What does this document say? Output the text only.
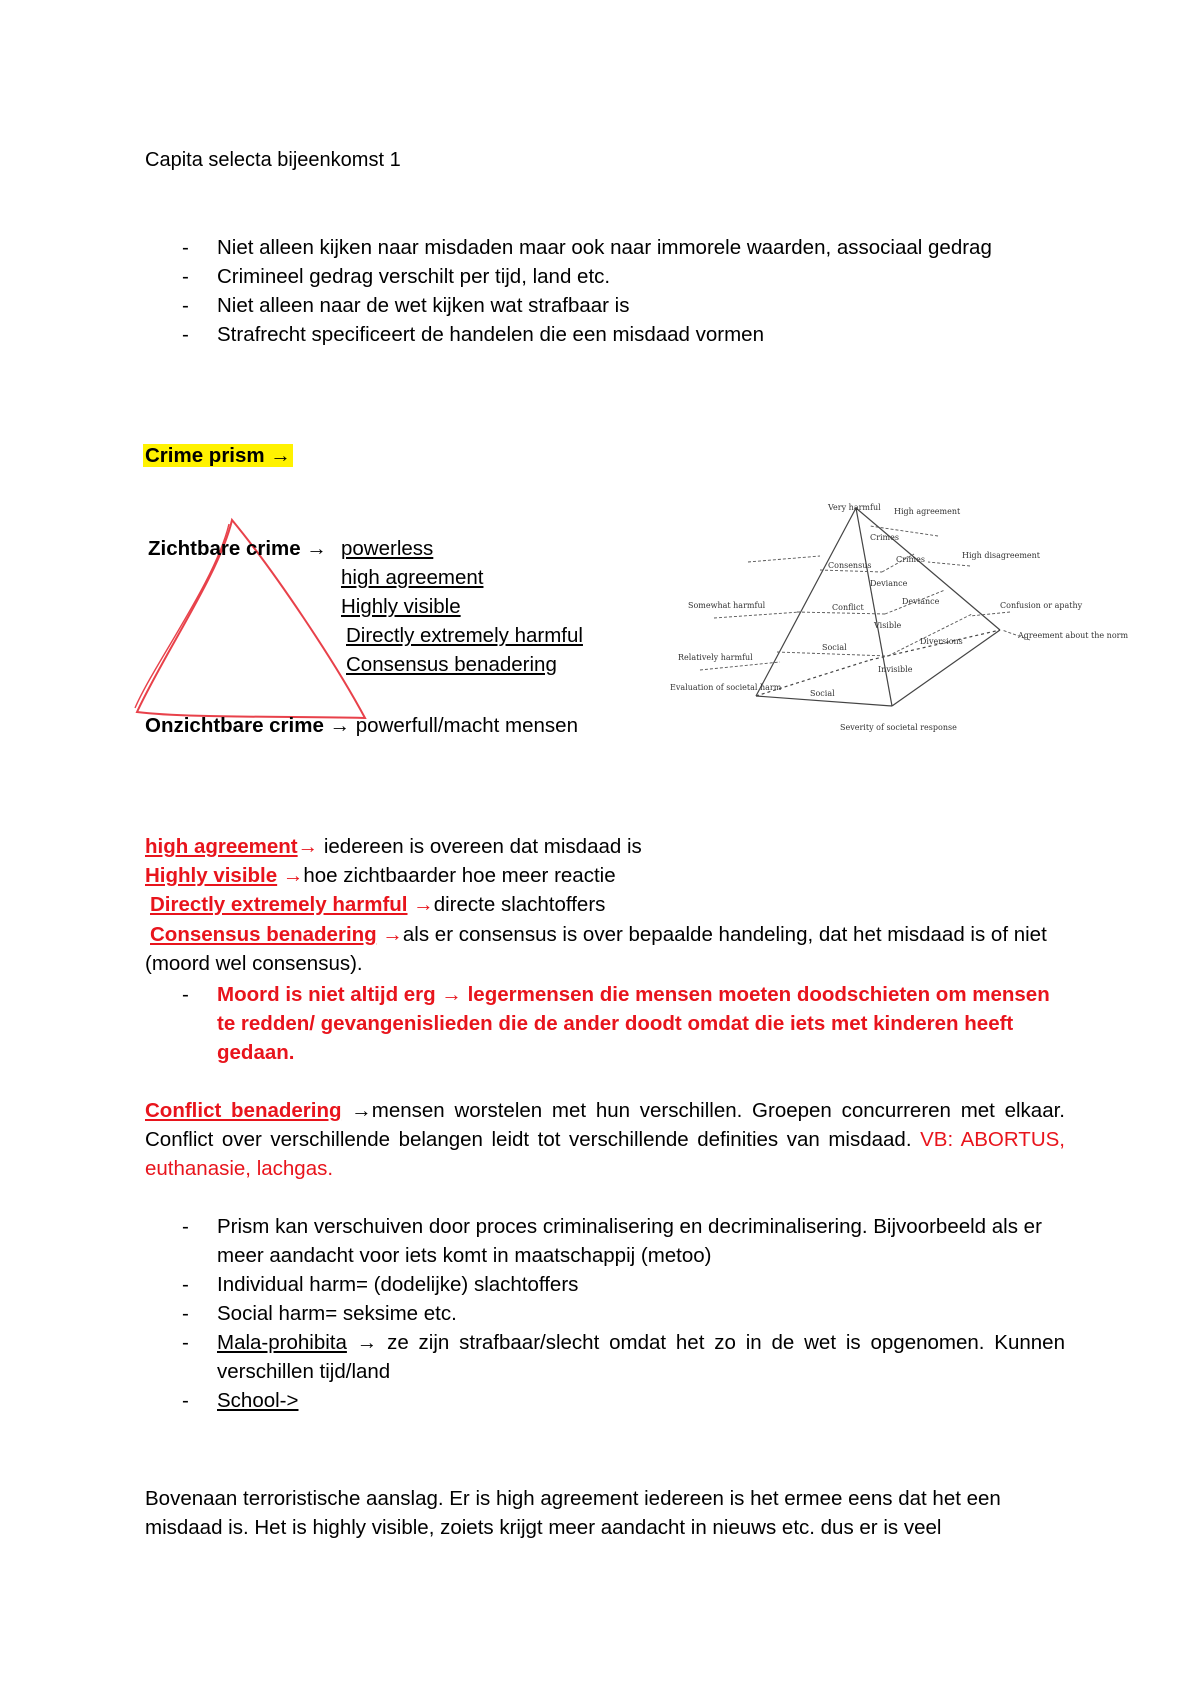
Capita selecta bijeenkomst 1
- Niet alleen kijken naar misdaden maar ook naar immorele waarden, associaal gedrag
- Crimineel gedrag verschilt per tijd, land etc.
- Niet alleen naar de wet kijken wat strafbaar is
- Strafrecht specificeert de handelen die een misdaad vormen
Crime prism →
Zichtbare crime → powerless
high agreement
Highly visible
Directly extremely harmful
Consensus benadering
Onzichtbare crime → powerfull/macht mensen
Very harmful
Somewhat harmful
Relatively harmful
Evaluation of societal harm
High agreement
High disagreement
Confusion or apathy
Agreement about the norm
Consensus
Conflict
Social
Social
Crimes
Deviance
Diversions
Crimes
Deviance
Visible
Invisible
Severity of societal response
high agreement→ iedereen is overeen dat misdaad is
Highly visible →hoe zichtbaarder hoe meer reactie
Directly extremely harmful →directe slachtoffers
Consensus benadering →als er consensus is over bepaalde handeling, dat het misdaad is of niet (moord wel consensus).
- Moord is niet altijd erg → legermensen die mensen moeten doodschieten om mensen te redden/ gevangenislieden die de ander doodt omdat die iets met kinderen heeft gedaan.
Conflict benadering →mensen worstelen met hun verschillen. Groepen concurreren met elkaar. Conflict over verschillende belangen leidt tot verschillende definities van misdaad. VB: ABORTUS, euthanasie, lachgas.
- Prism kan verschuiven door proces criminalisering en decriminalisering. Bijvoorbeeld als er meer aandacht voor iets komt in maatschappij (metoo)
- Individual harm= (dodelijke) slachtoffers
- Social harm= seksime etc.
- Mala-prohibita → ze zijn strafbaar/slecht omdat het zo in de wet is opgenomen. Kunnen verschillen tijd/land
- School->
Bovenaan terroristische aanslag. Er is high agreement iedereen is het ermee eens dat het een misdaad is. Het is highly visible, zoiets krijgt meer aandacht in nieuws etc. dus er is veel
